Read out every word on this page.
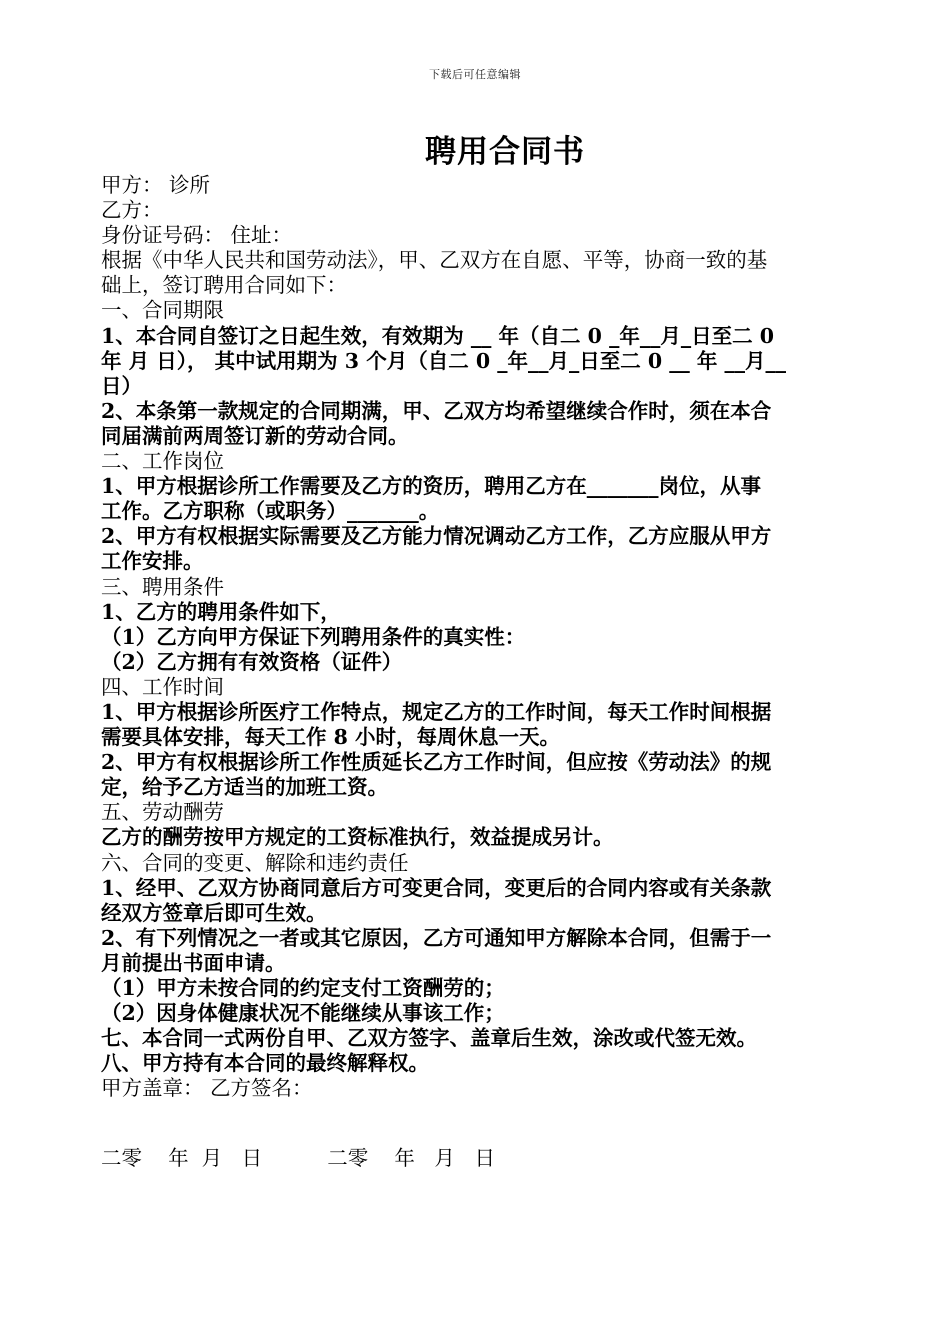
下载后可任意编辑
聘用合同书
甲方： 诊所
乙方：
身份证号码： 住址：
根据《中华人民共和国劳动法》，甲、乙双方在自愿、平等，协商一致的基
础上，签订聘用合同如下：
一、合同期限
1、本合同自签订之日起生效，有效期为 __ 年（自二 0 _年__月_日至二 0
年 月 日）， 其中试用期为 3 个月（自二 0 _年__月_日至二 0 __ 年 __月__
日）
2、本条第一款规定的合同期满，甲、乙双方均希望继续合作时，须在本合
同届满前两周签订新的劳动合同。
二、工作岗位
1、甲方根据诊所工作需要及乙方的资历，聘用乙方在_______岗位，从事
工作。乙方职称（或职务）_______。
2、甲方有权根据实际需要及乙方能力情况调动乙方工作，乙方应服从甲方
工作安排。
三、聘用条件
1、乙方的聘用条件如下，
（1）乙方向甲方保证下列聘用条件的真实性：
（2）乙方拥有有效资格（证件）
四、工作时间
1、甲方根据诊所医疗工作特点，规定乙方的工作时间，每天工作时间根据
需要具体安排，每天工作 8 小时，每周休息一天。
2、甲方有权根据诊所工作性质延长乙方工作时间，但应按《劳动法》的规
定，给予乙方适当的加班工资。
五、劳动酬劳
乙方的酬劳按甲方规定的工资标准执行，效益提成另计。
六、合同的变更、解除和违约责任
1、经甲、乙双方协商同意后方可变更合同，变更后的合同内容或有关条款
经双方签章后即可生效。
2、有下列情况之一者或其它原因，乙方可通知甲方解除本合同，但需于一
月前提出书面申请。
（1）甲方未按合同的约定支付工资酬劳的；
（2）因身体健康状况不能继续从事该工作；
七、本合同一式两份自甲、乙双方签字、盖章后生效，涂改或代签无效。
八、甲方持有本合同的最终解释权。
甲方盖章： 乙方签名：
二零    年  月   日          二零    年   月   日
